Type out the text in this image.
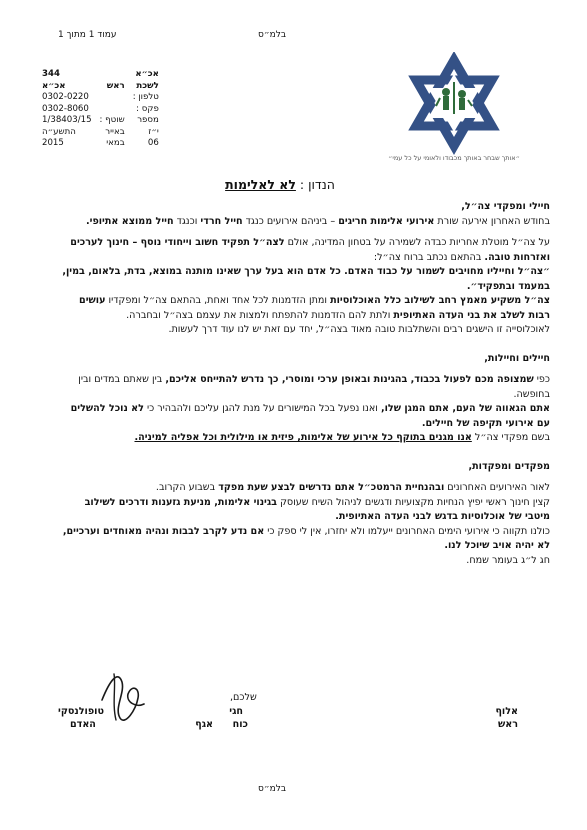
עמוד 1 מתוך 1	בלמ״ס
אכ״א		344
לשכת	ראש	אכ״א
טלפון :		0302-0220
פקס :		0302-8060
מספר	שוטף :	1/38403/15
י״ז	באייר	התשע״ה
06	במאי	2015
״אותך שבחר באותך מכבודו ולאומי על כל עמי״
הנדון : לא לאלימות

חיילי ומפקדי צה״ל,

בחודש האחרון אירעה שורת אירועי אלימות חריגים – ביניהם אירועים כנגד חייל חרדי וכנגד חייל ממוצא אתיופי.

על צה״ל מוטלת אחריות כבדה לשמירה על בטחון המדינה, אולם לצה״ל תפקיד חשוב וייחודי נוסף – חינוך לערכים ואזרחות טובה. בהתאם נכתב ברוח צה״ל:

״צה״ל וחייליו מחויבים לשמור על כבוד האדם. כל אדם הוא בעל ערך שאינו מותנה במוצא, בדת, בלאום, במין, במעמד ובתפקיד״.

צה״ל משקיע מאמץ רחב לשילוב כלל האוכלוסיות ומתן הזדמנות לכל אחד ואחת, בהתאם צה״ל ומפקדיו עושים רבות לשלב את בני העדה האתיופית ולתת להם הזדמנות להתפתח ולמצות את עצמם בצה״ל ובחברה.

לאוכלוסייה זו הישגים רבים והשתלבות טובה מאוד בצה״ל, יחד עם זאת יש לנו עוד דרך לעשות.

חיילים וחיילות,

כפי שמצופה מכם לפעול בכבוד, בהגינות ובאופן ערכי ומוסרי, כך נדרש להתייחס אליכם, בין שאתם במדים ובין בחופשה.

אתם הגאווה של העם, אתם המגן שלו, ואנו נפעל בכל המישורים על מנת להגן עליכם ולהבהיר כי לא נוכל להשלים עם אירועי תקיפה של חיילים.

בשם מפקדי צה״ל אנו מגנים בתוקף כל אירוע של אלימות, פיזית או מילולית וכל אפליה למיניה.

מפקדים ומפקדות,

לאור האירועים האחרונים ובהנחיית הרמטכ״ל אתם נדרשים לבצע שעת מפקד בשבוע הקרוב.

קצין חינוך ראשי יפיץ הנחיות מקצועיות ודגשים לניהול השיח שעוסק בגינוי אלימות, מניעת גזענות ודרכים לשילוב מיטבי של אוכלוסיות בדגש לבני העדה האתיופית.

כולנו תקווה כי אירועי הימים האחרונים ייעלמו ולא יחזרו, אין לי ספק כי אם נדע לקרב לבבות ונהיה מאוחדים וערכיים, לא יהיה אויב שיוכל לנו.

חג ל״ג בעומר שמח.

שלכם,
אלוף
ראש
חגי
אגף כוח
טופולנסקי
האדם
בלמ״ס
